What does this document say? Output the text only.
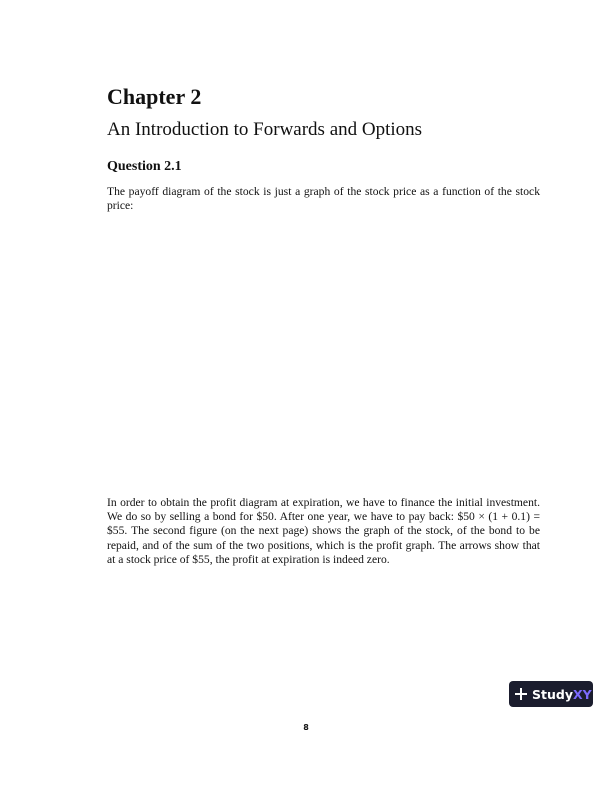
Chapter 2
An Introduction to Forwards and Options
Question 2.1

The payoff diagram of the stock is just a graph of the stock price as a function of the stock price:

In order to obtain the profit diagram at expiration, we have to finance the initial investment. We do so by selling a bond for $50. After one year, we have to pay back: $50 × (1 + 0.1) = $55. The second figure (on the next page) shows the graph of the stock, of the bond to be repaid, and of the sum of the two positions, which is the profit graph. The arrows show that at a stock price of $55, the profit at expiration is indeed zero.

Study XY
8
